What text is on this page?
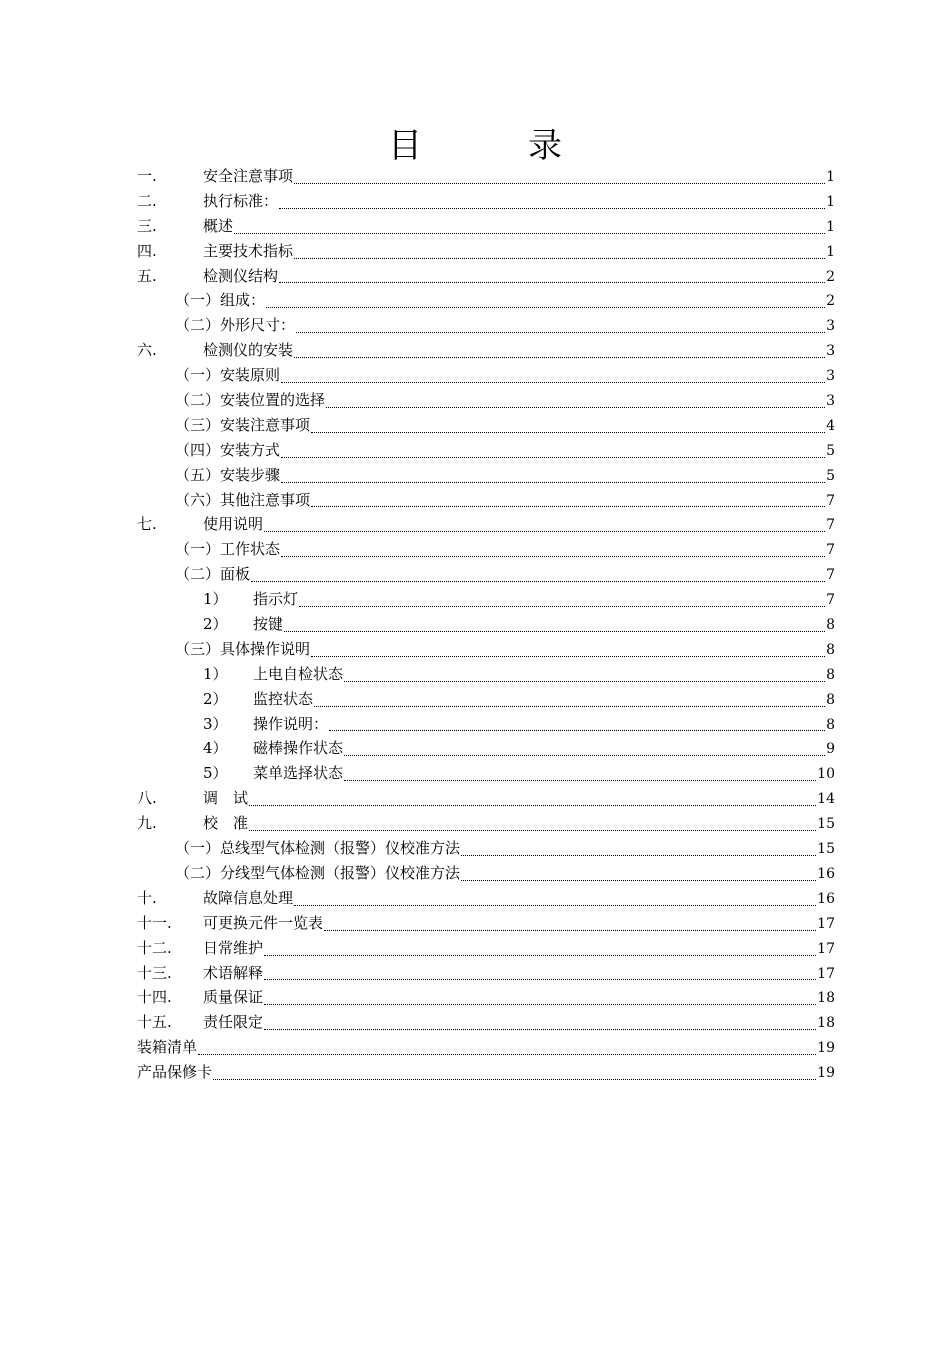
目　录
一.	安全注意事项	1
二.	执行标准：	1
三.	概述	1
四.	主要技术指标	1
五.	检测仪结构	2
（一）组成：	2
（二）外形尺寸：	3
六.	检测仪的安装	3
（一）安装原则	3
（二）安装位置的选择	3
（三）安装注意事项	4
（四）安装方式	5
（五）安装步骤	5
（六）其他注意事项	7
七.	使用说明	7
（一）工作状态	7
（二）面板	7
1）	指示灯	7
2）	按键	8
（三）具体操作说明	8
1）	上电自检状态	8
2）	监控状态	8
3）	操作说明：	8
4）	磁棒操作状态	9
5）	菜单选择状态	10
八.	调　试	14
九.	校　准	15
（一）总线型气体检测（报警）仪校准方法	15
（二）分线型气体检测（报警）仪校准方法	16
十.	故障信息处理	16
十一.	可更换元件一览表	17
十二.	日常维护	17
十三.	术语解释	17
十四.	质量保证	18
十五.	责任限定	18
装箱清单	19
产品保修卡	19
